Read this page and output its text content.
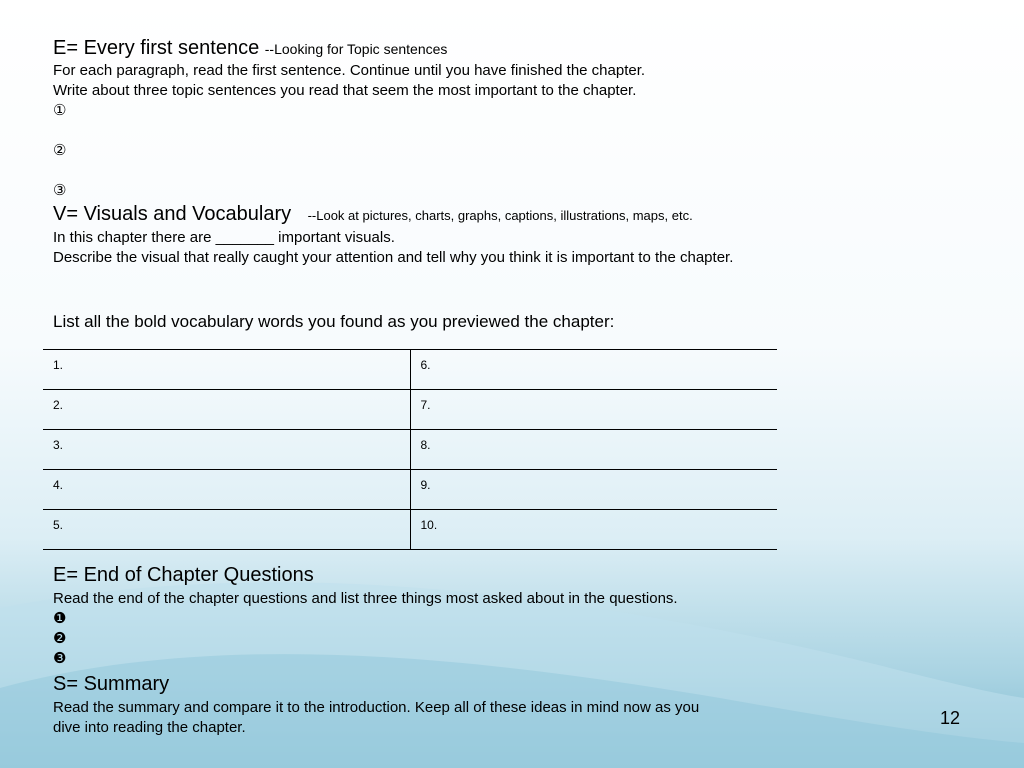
E= Every first sentence --Looking for Topic sentences
For each paragraph, read the first sentence. Continue until you have finished the chapter.
Write about three topic sentences you read that seem the most important to the chapter.
①
②
③
V= Visuals and Vocabulary --Look at pictures, charts, graphs, captions, illustrations, maps, etc.
In this chapter there are _______ important visuals.
Describe the visual that really caught your attention and tell why you think it is important to the chapter.
List all the bold vocabulary words you found as you previewed the chapter:
1.	6.
2.	7.
3.	8.
4.	9.
5.	10.
E= End of Chapter Questions
Read the end of the chapter questions and list three things most asked about in the questions.
❶
❷
❸
S= Summary
Read the summary and compare it to the introduction. Keep all of these ideas in mind now as you
dive into reading the chapter.	12
